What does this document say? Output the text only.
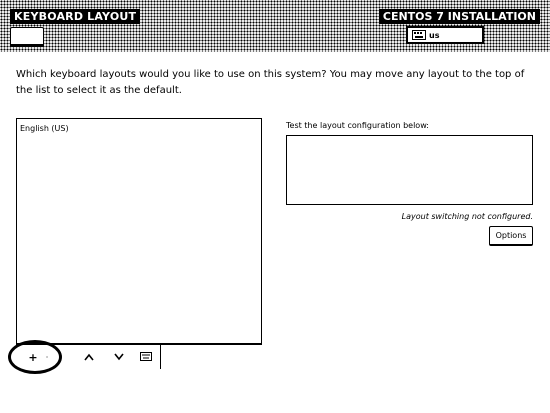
KEYBOARD LAYOUT	CENTOS 7 INSTALLATION
us
Which keyboard layouts would you like to use on this system? You may move any layout to the top of the list to select it as the default.
English (US)
+	·
Test the layout configuration below:
Layout switching not configured.
Options
